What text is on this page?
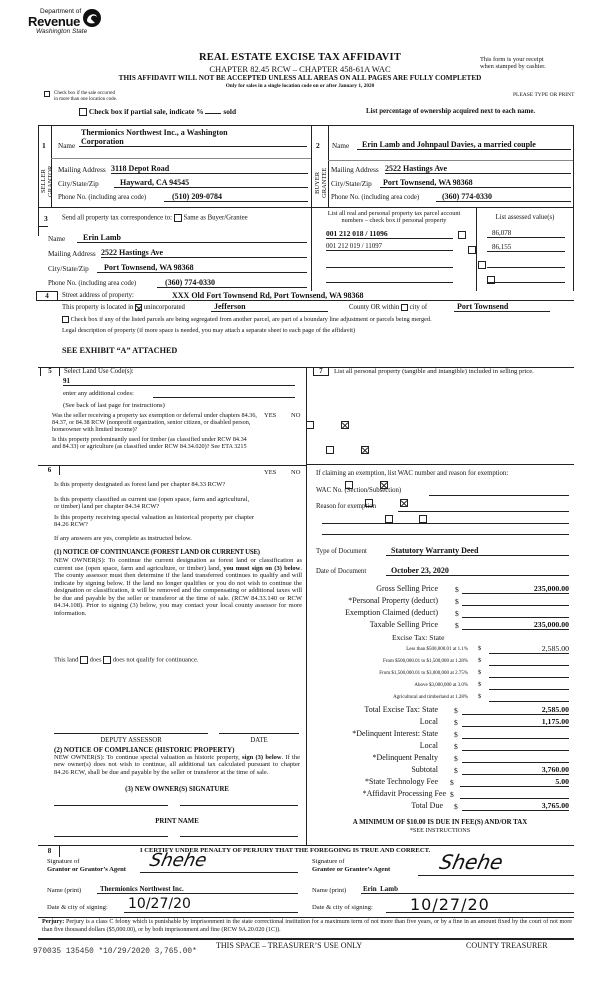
Department of
Revenue
Washington State
REAL ESTATE EXCISE TAX AFFIDAVIT
CHAPTER 82.45 RCW – CHAPTER 458-61A WAC
THIS AFFIDAVIT WILL NOT BE ACCEPTED UNLESS ALL AREAS ON ALL PAGES ARE FULLY COMPLETED
Only for sales in a single location code on or after January 1, 2020
This form is your receipt
when stamped by cashier.
Check box if the sale occurred
in more than one location code.
PLEASE TYPE OR PRINT
Check box if partial sale, indicate %	sold	List percentage of ownership acquired next to each name.
1
SELLER
GRANTOR
Name
Thermionics Northwest Inc., a Washington
Corporation
Mailing Address 3118 Depot Road
City/State/Zip	Hayward, CA 94545
Phone No. (including area code)	(510) 209-0784
2
BUYER
GRANTEE
Name	Erin Lamb and Johnpaul Davies, a married couple
Mailing Address 2522 Hastings Ave
City/State/Zip	Port Townsend, WA 98368
Phone No. (including area code)	(360) 774-0330
3 Send all property tax correspondence to: Same as Buyer/Grantee
Name	Erin Lamb
Mailing Address 2522 Hastings Ave
City/State/Zip	Port Townsend, WA 98368
Phone No. (including area code)	(360) 774-0330
List all real and personal property tax parcel account
numbers – check box if personal property	List assessed value(s)
001 212 018 / 11096
	86,078
001 212 019 / 11097
	86,155

4	Street address of property:	XXX Old Fort Townsend Rd, Port Townsend, WA 98368
This property is located in unincorporated	Jefferson	County OR within city of	Port Townsend
Check box if any of the listed parcels are being segregated from another parcel, are part of a boundary line adjustment or parcels being merged.
Legal description of property (if more space is needed, you may attach a separate sheet to each page of the affidavit)
SEE EXHIBIT “A” ATTACHED
5	Select Land Use Code(s):
91
enter any additional codes:
(See back of last page for instructions)
YES NO
Was the seller receiving a property tax exemption or deferral under chapters 84.36, 84.37, or 84.38 RCW (nonprofit organization, senior citizen, or disabled person, homeowner with limited income)?

Is this property predominantly used for timber (as classified under RCW 84.34 and 84.33) or agriculture (as classified under RCW 84.34.020)? See ETA 3215

6	YES NO
Is this property designated as forest land per chapter 84.33 RCW?

Is this property classified as current use (open space, farm and agricultural, or timber) land per chapter 84.34 RCW?

Is this property receiving special valuation as historical property per chapter 84.26 RCW?

If any answers are yes, complete as instructed below.
(1) NOTICE OF CONTINUANCE (FOREST LAND OR CURRENT USE)
NEW OWNER(S): To continue the current designation as forest land or classification as current use (open space, farm and agriculture, or timber) land, you must sign on (3) below. The county assessor must then determine if the land transferred continues to qualify and will indicate by signing below. If the land no longer qualifies or you do not wish to continue the designation or classification, it will be removed and the compensating or additional taxes will be due and payable by the seller or transferor at the time of sale. (RCW 84.33.140 or RCW 84.34.108). Prior to signing (3) below, you may contact your local county assessor for more information.
This land does does not qualify for continuance.
DEPUTY ASSESSOR	DATE
(2) NOTICE OF COMPLIANCE (HISTORIC PROPERTY)
NEW OWNER(S): To continue special valuation as historic property, sign (3) below. If the new owner(s) does not wish to continue, all additional tax calculated pursuant to chapter 84.26 RCW, shall be due and payable by the seller or transferor at the time of sale.
(3) NEW OWNER(S) SIGNATURE
PRINT NAME
7	List all personal property (tangible and intangible) included in selling price.
If claiming an exemption, list WAC number and reason for exemption:
WAC No. (Section/Subsection)
Reason for exemption
Type of Document	Statutory Warranty Deed
Date of Document	October 23, 2020
Gross Selling Price $	235,000.00
*Personal Property (deduct) $
Exemption Claimed (deduct) $
Taxable Selling Price $	235,000.00
Excise Tax: State
Less than $500,000.01 at 1.1% $	2,585.00
From $500,000.01 to $1,500,000 at 1.28% $
From $1,500,000.01 to $3,000,000 at 2.75% $
Above $3,000,000 at 3.0% $
Agricultural and timberland at 1.28% $
Total Excise Tax: State $	2,585.00
Local $	1,175.00
*Delinquent Interest: State $
Local $
*Delinquent Penalty $
Subtotal $	3,760.00
*State Technology Fee $	5.00
*Affidavit Processing Fee $
Total Due $	3,765.00
A MINIMUM OF $10.00 IS DUE IN FEE(S) AND/OR TAX
*SEE INSTRUCTIONS
8	I CERTIFY UNDER PENALTY OF PERJURY THAT THE FOREGOING IS TRUE AND CORRECT.
Signature of
Grantor or Grantor’s Agent Shehe
Name (print)	Thermionics Northwest Inc.
Date & city of signing: 10/27/20
Signature of
Grantee or Grantee’s Agent Shehe
Name (print) Erin  Lamb
Date & city of signing: 10/27/20
Perjury: Perjury is a class C felony which is punishable by imprisonment in the state correctional institution for a maximum term of not more than five years, or by a fine in an amount fixed by the court of not more than five thousand dollars ($5,000.00), or by both imprisonment and fine (RCW 9A.20.020 (1C)).
THIS SPACE – TREASURER’S USE ONLY	COUNTY TREASURER
970035 135450 *10/29/2020 3,765.00*
